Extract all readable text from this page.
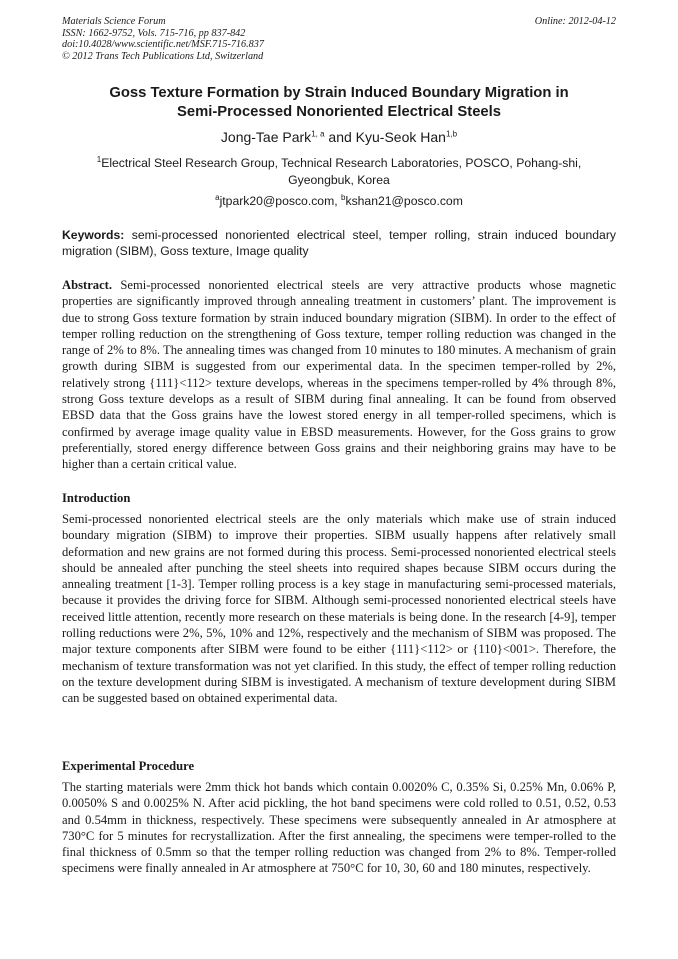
Materials Science Forum
ISSN: 1662-9752, Vols. 715-716, pp 837-842
doi:10.4028/www.scientific.net/MSF.715-716.837
© 2012 Trans Tech Publications Ltd, Switzerland
Online: 2012-04-12
Goss Texture Formation by Strain Induced Boundary Migration in
Semi-Processed Nonoriented Electrical Steels
Jong-Tae Park$^{1, a}$ and Kyu-Seok Han$^{1,b}$
$^1$Electrical Steel Research Group, Technical Research Laboratories, POSCO, Pohang-shi,
Gyeongbuk, Korea
$^a$jtpark20@posco.com, $^b$kshan21@posco.com
Keywords: semi-processed nonoriented electrical steel, temper rolling, strain induced boundary migration (SIBM), Goss texture, Image quality
Abstract. Semi-processed nonoriented electrical steels are very attractive products whose magnetic properties are significantly improved through annealing treatment in customers’ plant. The improvement is due to strong Goss texture formation by strain induced boundary migration (SIBM). In order to the effect of temper rolling reduction on the strengthening of Goss texture, temper rolling reduction was changed in the range of 2% to 8%. The annealing times was changed from 10 minutes to 180 minutes. A mechanism of grain growth during SIBM is suggested from our experimental data. In the specimen temper-rolled by 2%, relatively strong {111}<112> texture develops, whereas in the specimens temper-rolled by 4% through 8%, strong Goss texture develops as a result of SIBM during final annealing. It can be found from observed EBSD data that the Goss grains have the lowest stored energy in all temper-rolled specimens, which is confirmed by average image quality value in EBSD measurements. However, for the Goss grains to grow preferentially, stored energy difference between Goss grains and their neighboring grains may have to be higher than a certain critical value.
Introduction
Semi-processed nonoriented electrical steels are the only materials which make use of strain induced boundary migration (SIBM) to improve their properties. SIBM usually happens after relatively small deformation and new grains are not formed during this process. Semi-processed nonoriented electrical steels should be annealed after punching the steel sheets into required shapes because SIBM occurs during the annealing treatment [1-3]. Temper rolling process is a key stage in manufacturing semi-processed materials, because it provides the driving force for SIBM. Although semi-processed nonoriented electrical steels have received little attention, recently more research on these materials is being done. In the research [4-9], temper rolling reductions were 2%, 5%, 10% and 12%, respectively and the mechanism of SIBM was proposed. The major texture components after SIBM were found to be either {111}<112> or {110}<001>. Therefore, the mechanism of texture transformation was not yet clarified. In this study, the effect of temper rolling reduction on the texture development during SIBM is investigated. A mechanism of texture development during SIBM can be suggested based on obtained experimental data.
Experimental Procedure
The starting materials were 2mm thick hot bands which contain 0.0020% C, 0.35% Si, 0.25% Mn, 0.06% P, 0.0050% S and 0.0025% N. After acid pickling, the hot band specimens were cold rolled to 0.51, 0.52, 0.53 and 0.54mm in thickness, respectively. These specimens were subsequently annealed in Ar atmosphere at 730°C for 5 minutes for recrystallization. After the first annealing, the specimens were temper-rolled to the final thickness of 0.5mm so that the temper rolling reduction was changed from 2% to 8%. Temper-rolled specimens were finally annealed in Ar atmosphere at 750°C for 10, 30, 60 and 180 minutes, respectively.
